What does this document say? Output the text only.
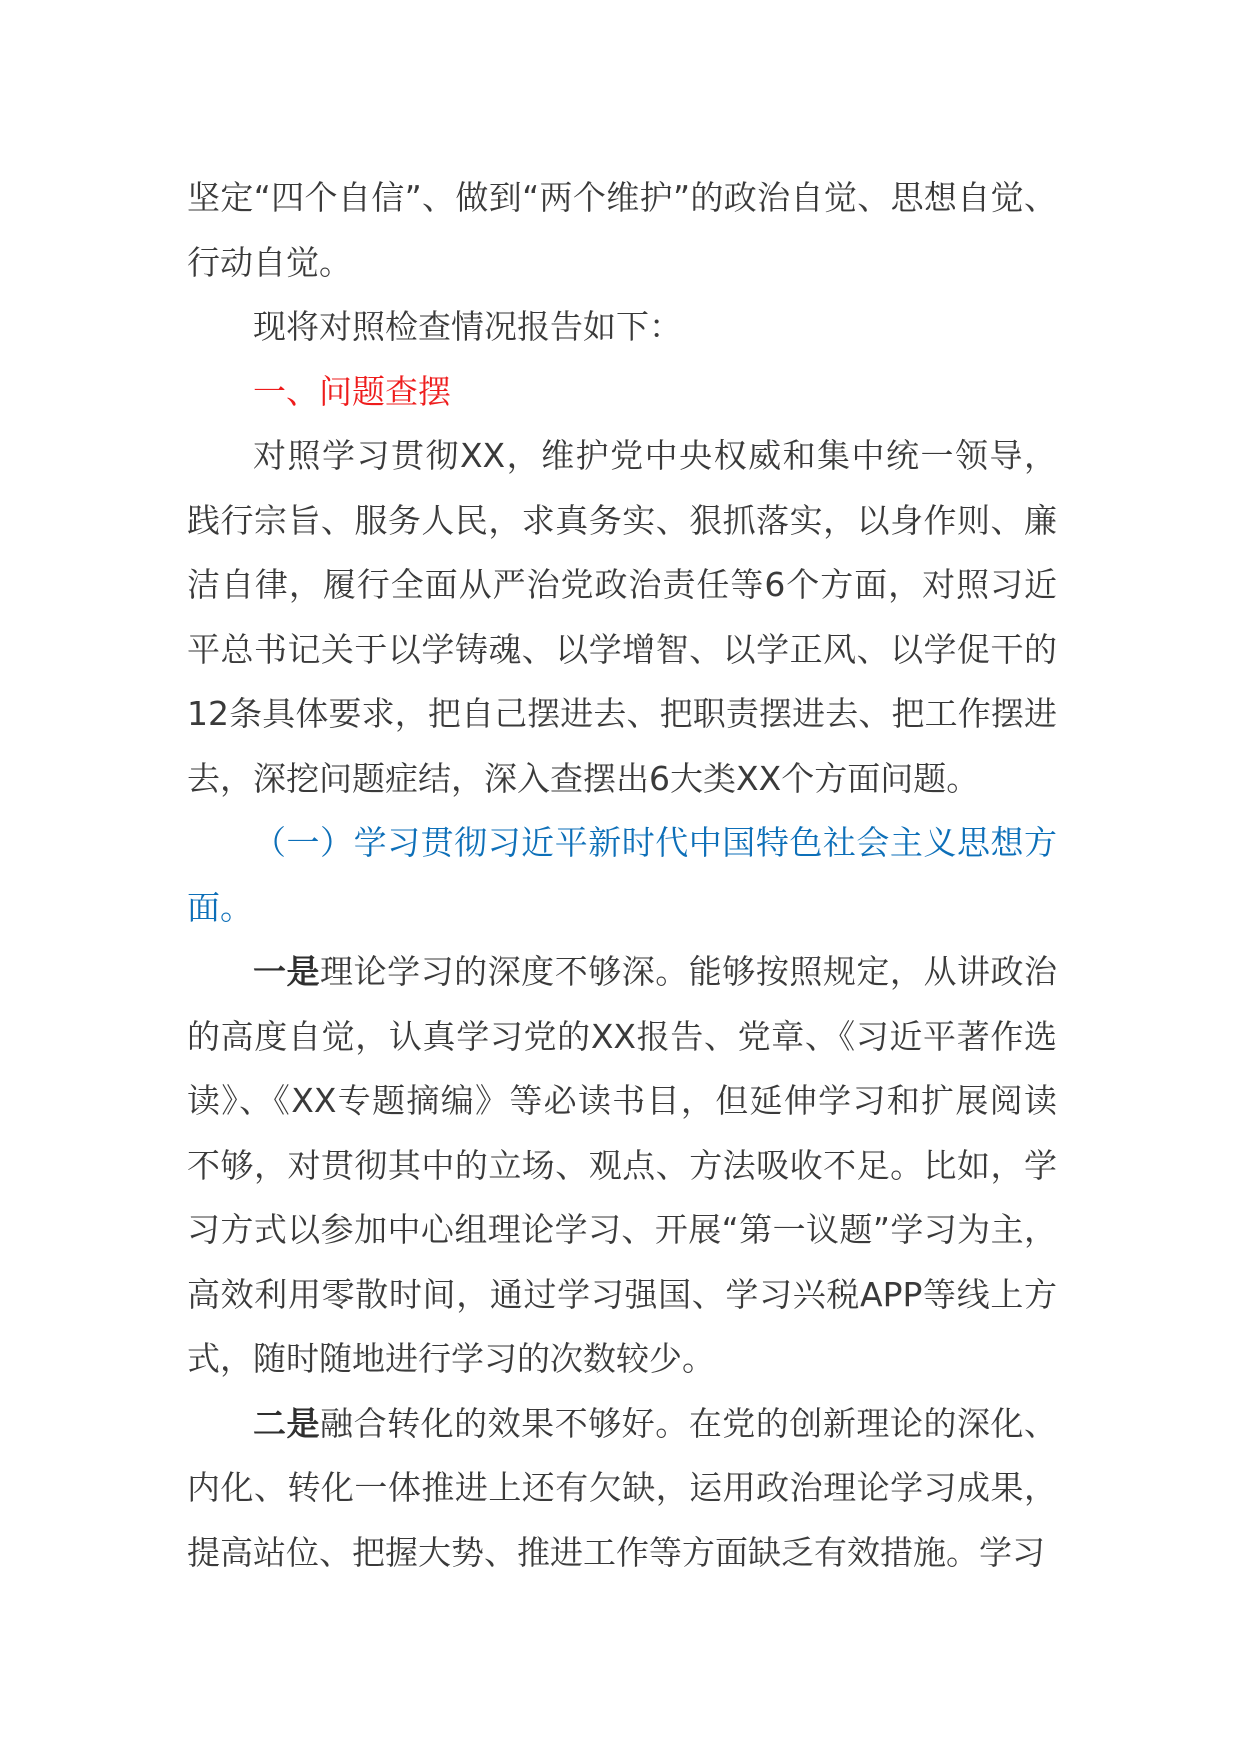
坚定“四个自信”、做到“两个维护”的政治自觉、思想自觉、行动自觉。

现将对照检查情况报告如下：

一、问题查摆

对照学习贯彻XX，维护党中央权威和集中统一领导，践行宗旨、服务人民，求真务实、狠抓落实，以身作则、廉洁自律，履行全面从严治党政治责任等6个方面，对照习近平总书记关于以学铸魂、以学增智、以学正风、以学促干的12条具体要求，把自己摆进去、把职责摆进去、把工作摆进去，深挖问题症结，深入查摆出6大类XX个方面问题。

（一）学习贯彻习近平新时代中国特色社会主义思想方面。

一是理论学习的深度不够深。能够按照规定，从讲政治的高度自觉，认真学习党的XX报告、党章、《习近平著作选读》、《XX专题摘编》等必读书目，但延伸学习和扩展阅读不够，对贯彻其中的立场、观点、方法吸收不足。比如，学习方式以参加中心组理论学习、开展“第一议题”学习为主，高效利用零散时间，通过学习强国、学习兴税APP等线上方式，随时随地进行学习的次数较少。

二是融合转化的效果不够好。在党的创新理论的深化、内化、转化一体推进上还有欠缺，运用政治理论学习成果，提高站位、把握大势、推进工作等方面缺乏有效措施。学习
